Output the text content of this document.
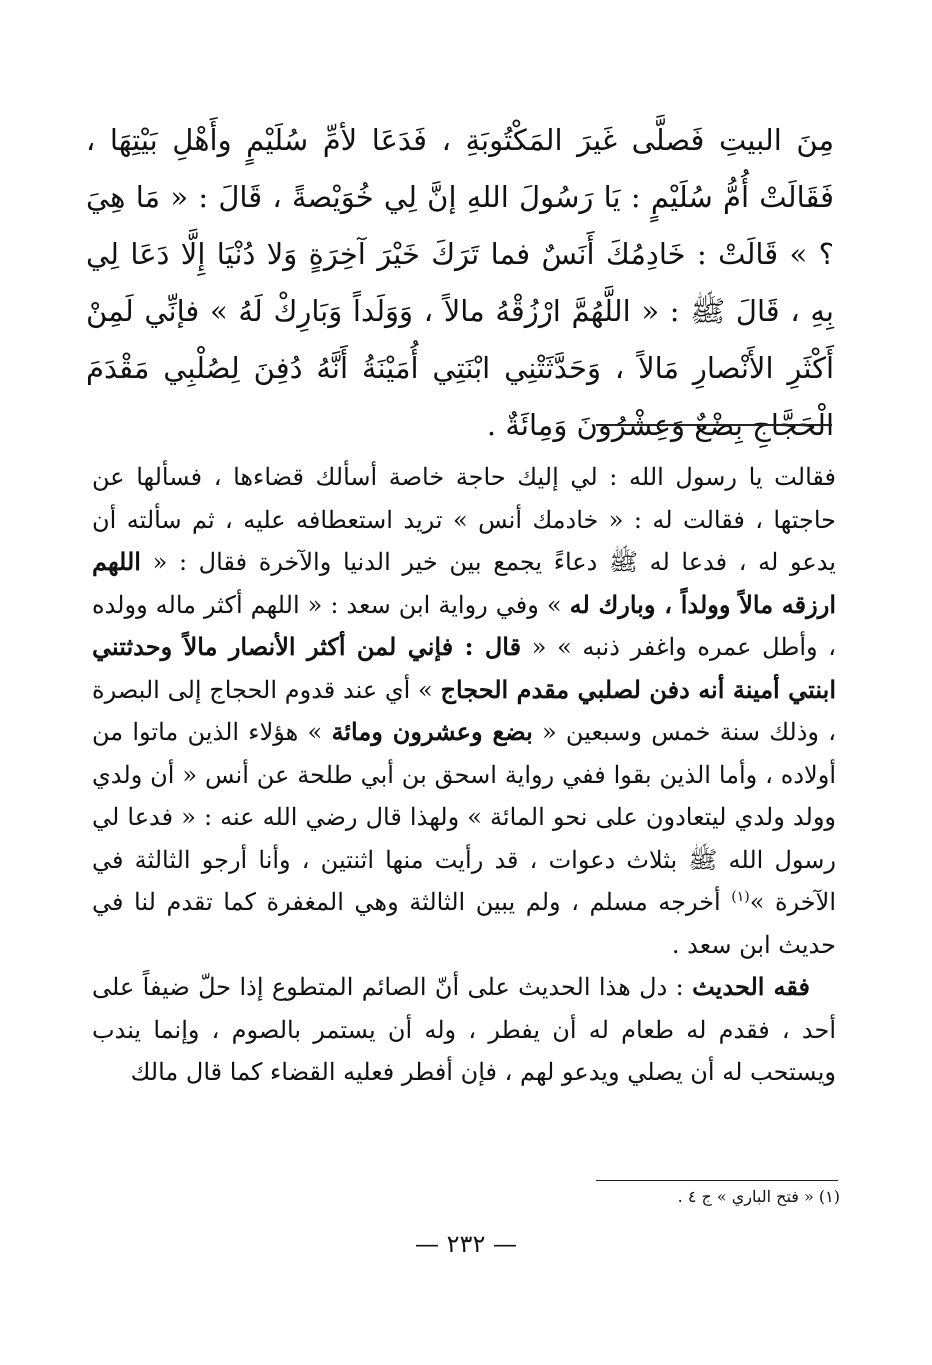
مِنَ البيتِ فَصلَّى غَيرَ المَكْتُوبَةِ ، فَدَعَا لأمِّ سُلَيْمٍ وأَهْلِ بَيْتِهَا ، فَقَالَتْ أُمُّ سُلَيْمٍ : يَا رَسُولَ اللهِ إنَّ لِي خُوَيْصةً ، قَالَ : « مَا هِيَ ؟ » قَالَتْ : خَادِمُكَ أَنَسٌ فما تَرَكَ خَيْرَ آخِرَةٍ وَلا دُنْيَا إِلَّا دَعَا لِي بِهِ ، قَالَ ﷺ : « اللَّهُمَّ ارْزُقْهُ مالاً ، وَوَلَداً وَبَارِكْ لَهُ » فإنِّي لَمِنْ أَكْثَرِ الأَنْصارِ مَالاً ، وَحَدَّثَتْنِي ابْنَتِي أُمَيْنَةُ أَنَّهُ دُفِنَ لِصُلْبِي مَقْدَمَ الْحَجَّاجِ بِضْعٌ وَعِشْرُونَ وَمِائَةٌ .

فقالت يا رسول الله : لي إليك حاجة خاصة أسألك قضاءها ، فسألها عن حاجتها ، فقالت له : « خادمك أنس » تريد استعطافه عليه ، ثم سألته أن يدعو له ، فدعا له ﷺ دعاءً يجمع بين خير الدنيا والآخرة فقال : « اللهم ارزقه مالاً وولداً ، وبارك له » وفي رواية ابن سعد : « اللهم أكثر ماله وولده ، وأطل عمره واغفر ذنبه » « قال : فإني لمن أكثر الأنصار مالاً وحدثتني ابنتي أمينة أنه دفن لصلبي مقدم الحجاج » أي عند قدوم الحجاج إلى البصرة ، وذلك سنة خمس وسبعين « بضع وعشرون ومائة » هؤلاء الذين ماتوا من أولاده ، وأما الذين بقوا ففي رواية اسحق بن أبي طلحة عن أنس « أن ولدي وولد ولدي ليتعادون على نحو المائة » ولهذا قال رضي الله عنه : « فدعا لي رسول الله ﷺ بثلاث دعوات ، قد رأيت منها اثنتين ، وأنا أرجو الثالثة في الآخرة »$^{(١)}$ أخرجه مسلم ، ولم يبين الثالثة وهي المغفرة كما تقدم لنا في حديث ابن سعد .

فقه الحديث : دل هذا الحديث على أنّ الصائم المتطوع إذا حلّ ضيفاً على أحد ، فقدم له طعام له أن يفطر ، وله أن يستمر بالصوم ، وإنما يندب ويستحب له أن يصلي ويدعو لهم ، فإن أفطر فعليه القضاء كما قال مالك

(١) « فتح الباري » ج ٤ .
— ٢٣٢ —
